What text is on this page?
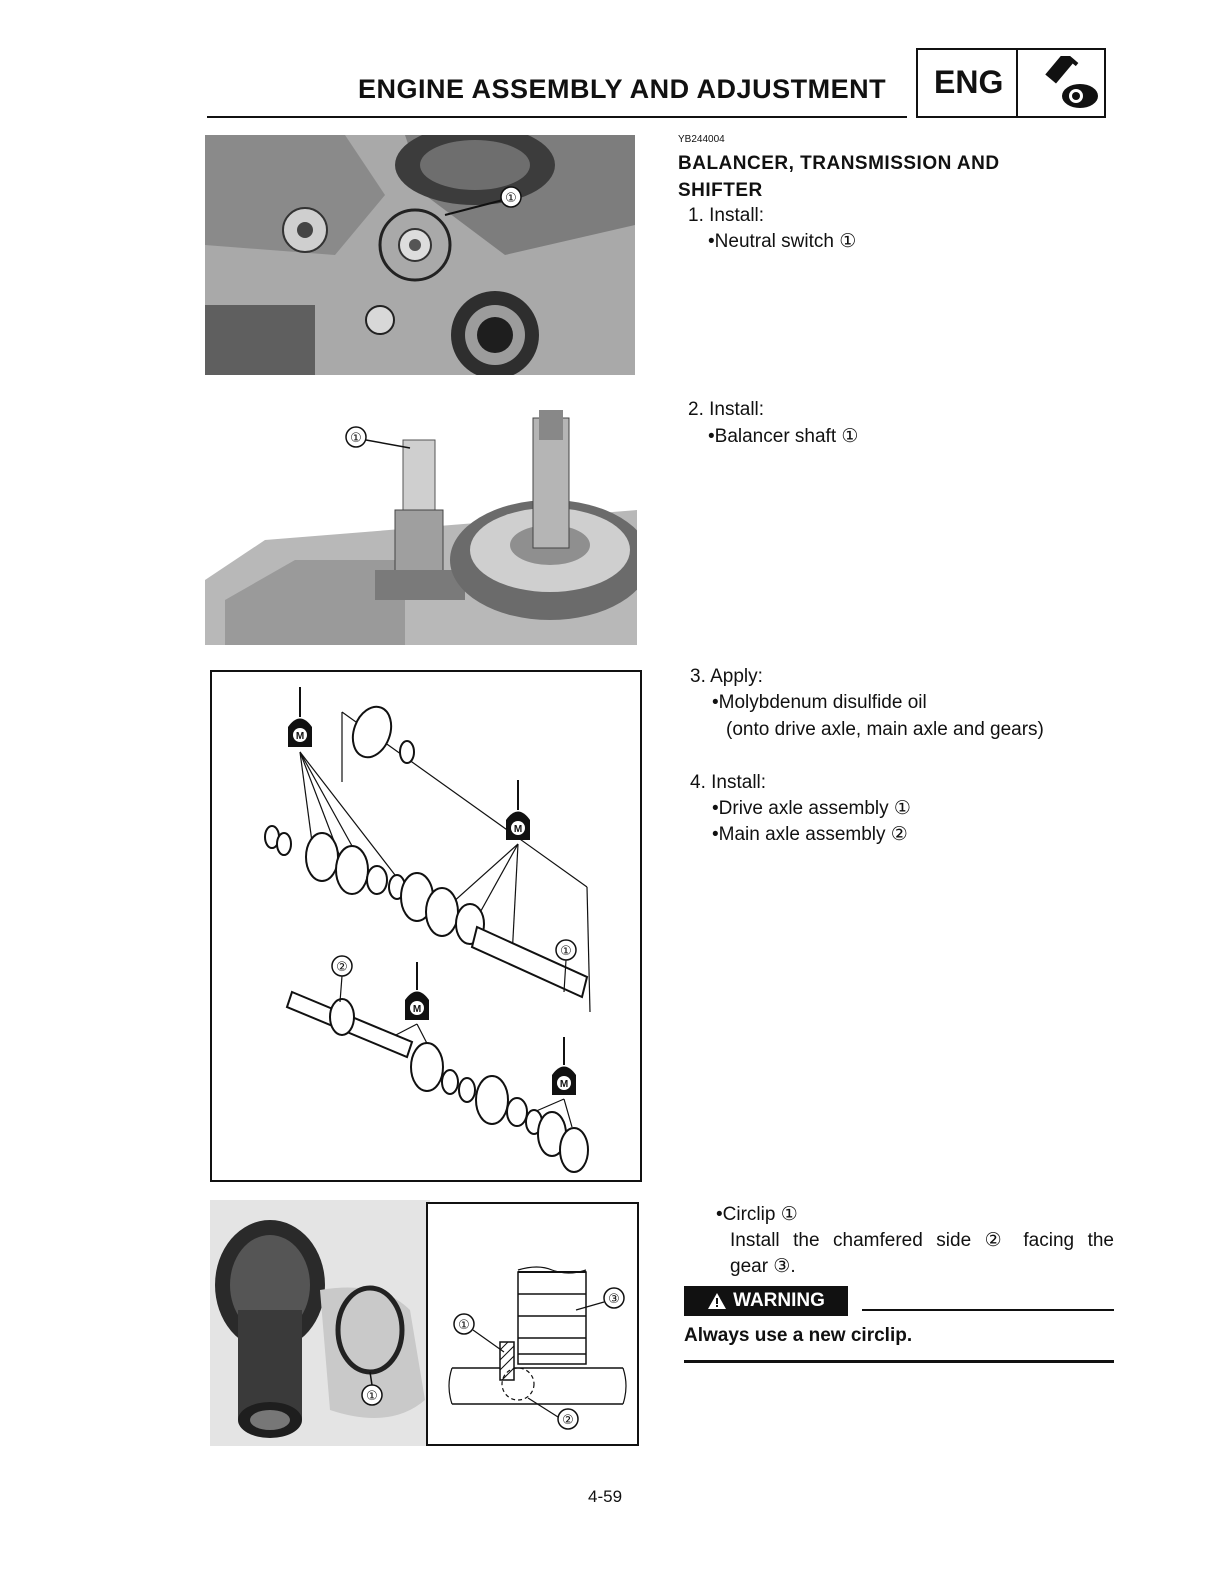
ENGINE ASSEMBLY AND ADJUSTMENT ENG
YB244004
BALANCER, TRANSMISSION AND
SHIFTER
1. Install:
•Neutral switch ①
2. Install:
•Balancer shaft ①
3. Apply:
•Molybdenum disulfide oil
(onto drive axle, main axle and gears)
4. Install:
•Drive axle assembly ①
•Main axle assembly ②
•Circlip ①
Install the chamfered side ② facing the
gear ③.
WARNING
Always use a new circlip.
①
①
M
M
M
M
①
②
①
①
③
②
4-59
